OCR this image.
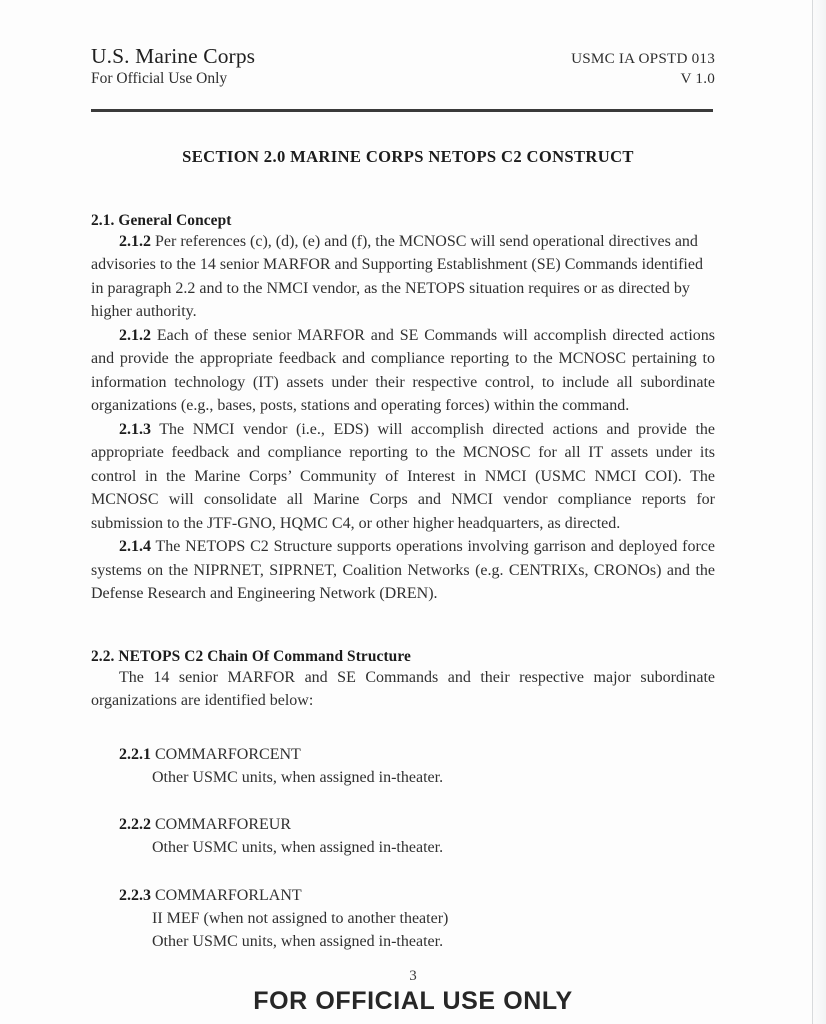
U.S. Marine Corps
For Official Use Only
USMC IA OPSTD 013
V 1.0
SECTION 2.0 MARINE CORPS NETOPS C2 CONSTRUCT
2.1. General Concept

2.1.2 Per references (c), (d), (e) and (f), the MCNOSC will send operational directives and advisories to the 14 senior MARFOR and Supporting Establishment (SE) Commands identified in paragraph 2.2 and to the NMCI vendor, as the NETOPS situation requires or as directed by higher authority.

2.1.2 Each of these senior MARFOR and SE Commands will accomplish directed actions and provide the appropriate feedback and compliance reporting to the MCNOSC pertaining to information technology (IT) assets under their respective control, to include all subordinate organizations (e.g., bases, posts, stations and operating forces) within the command.

2.1.3 The NMCI vendor (i.e., EDS) will accomplish directed actions and provide the appropriate feedback and compliance reporting to the MCNOSC for all IT assets under its control in the Marine Corps’ Community of Interest in NMCI (USMC NMCI COI). The MCNOSC will consolidate all Marine Corps and NMCI vendor compliance reports for submission to the JTF-GNO, HQMC C4, or other higher headquarters, as directed.

2.1.4 The NETOPS C2 Structure supports operations involving garrison and deployed force systems on the NIPRNET, SIPRNET, Coalition Networks (e.g. CENTRIXs, CRONOs) and the Defense Research and Engineering Network (DREN).

2.2. NETOPS C2 Chain Of Command Structure

The 14 senior MARFOR and SE Commands and their respective major subordinate organizations are identified below:

2.2.1 COMMARFORCENT
Other USMC units, when assigned in-theater.
2.2.2 COMMARFOREUR
Other USMC units, when assigned in-theater.
2.2.3 COMMARFORLANT
II MEF (when not assigned to another theater)
Other USMC units, when assigned in-theater.
3
FOR OFFICIAL USE ONLY
